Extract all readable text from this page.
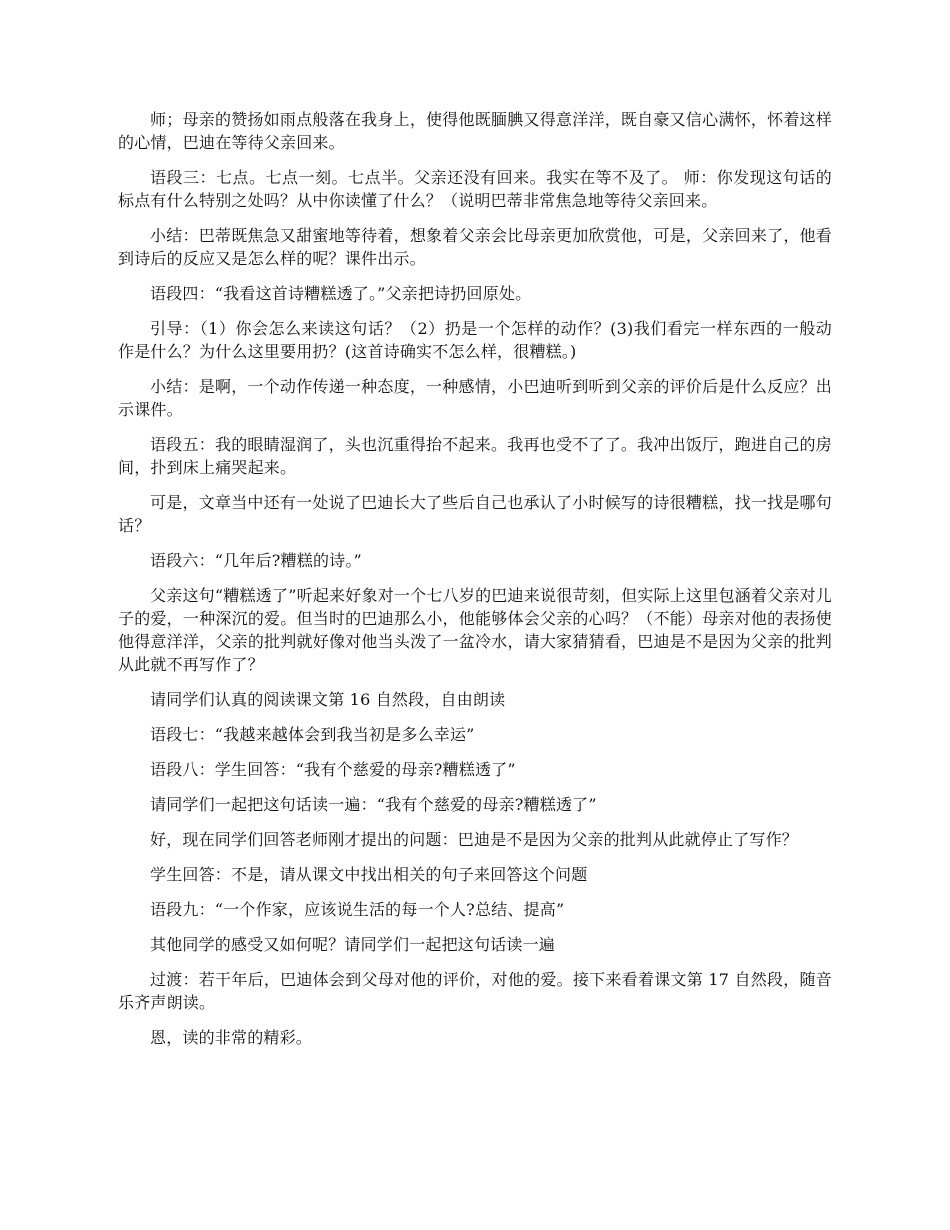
师；母亲的赞扬如雨点般落在我身上，使得他既腼腆又得意洋洋，既自豪又信心满怀，怀着这样的心情，巴迪在等待父亲回来。

语段三：七点。七点一刻。七点半。父亲还没有回来。我实在等不及了。 师：你发现这句话的标点有什么特别之处吗？从中你读懂了什么？（说明巴蒂非常焦急地等待父亲回来。

小结：巴蒂既焦急又甜蜜地等待着，想象着父亲会比母亲更加欣赏他，可是，父亲回来了，他看到诗后的反应又是怎么样的呢？课件出示。

语段四：“我看这首诗糟糕透了。”父亲把诗扔回原处。

引导：（1）你会怎么来读这句话？（2）扔是一个怎样的动作？(3)我们看完一样东西的一般动作是什么？为什么这里要用扔？(这首诗确实不怎么样，很糟糕。)

小结：是啊，一个动作传递一种态度，一种感情，小巴迪听到听到父亲的评价后是什么反应？出示课件。

语段五：我的眼睛湿润了，头也沉重得抬不起来。我再也受不了了。我冲出饭厅，跑进自己的房间，扑到床上痛哭起来。

可是，文章当中还有一处说了巴迪长大了些后自己也承认了小时候写的诗很糟糕，找一找是哪句话？

语段六：“几年后?糟糕的诗。”

父亲这句“糟糕透了”听起来好象对一个七八岁的巴迪来说很苛刻，但实际上这里包涵着父亲对儿子的爱，一种深沉的爱。但当时的巴迪那么小，他能够体会父亲的心吗？（不能）母亲对他的表扬使他得意洋洋，父亲的批判就好像对他当头泼了一盆冷水，请大家猜猜看，巴迪是不是因为父亲的批判从此就不再写作了？

请同学们认真的阅读课文第 16 自然段，自由朗读

语段七：“我越来越体会到我当初是多么幸运”

语段八：学生回答：“我有个慈爱的母亲?糟糕透了”

请同学们一起把这句话读一遍：“我有个慈爱的母亲?糟糕透了”

好，现在同学们回答老师刚才提出的问题：巴迪是不是因为父亲的批判从此就停止了写作？

学生回答：不是，请从课文中找出相关的句子来回答这个问题

语段九：“一个作家，应该说生活的每一个人?总结、提高”

其他同学的感受又如何呢？请同学们一起把这句话读一遍

过渡：若干年后，巴迪体会到父母对他的评价，对他的爱。接下来看着课文第 17 自然段，随音乐齐声朗读。

恩，读的非常的精彩。
